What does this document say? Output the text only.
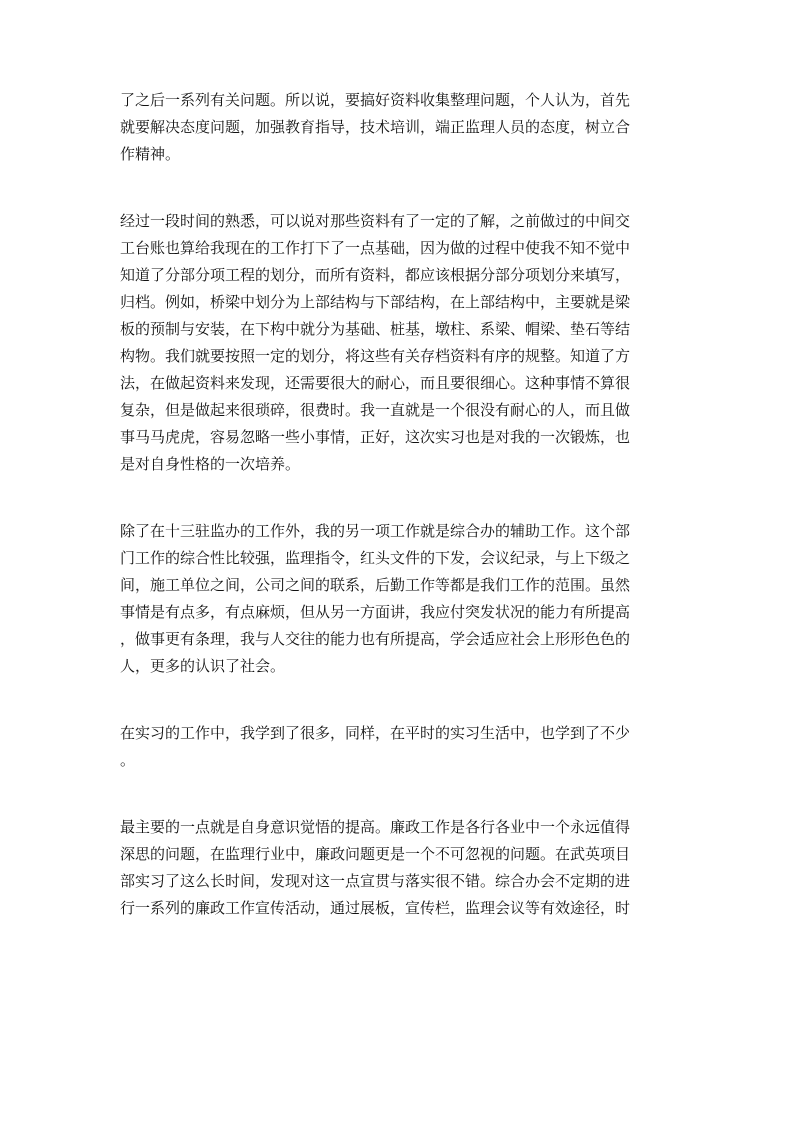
了之后一系列有关问题。所以说，要搞好资料收集整理问题，个人认为，首先
就要解决态度问题，加强教育指导，技术培训，端正监理人员的态度，树立合
作精神。

经过一段时间的熟悉，可以说对那些资料有了一定的了解，之前做过的中间交
工台账也算给我现在的工作打下了一点基础，因为做的过程中使我不知不觉中
知道了分部分项工程的划分，而所有资料，都应该根据分部分项划分来填写，
归档。例如，桥梁中划分为上部结构与下部结构，在上部结构中，主要就是梁
板的预制与安装，在下构中就分为基础、桩基，墩柱、系梁、帽梁、垫石等结
构物。我们就要按照一定的划分，将这些有关存档资料有序的规整。知道了方
法，在做起资料来发现，还需要很大的耐心，而且要很细心。这种事情不算很
复杂，但是做起来很琐碎，很费时。我一直就是一个很没有耐心的人，而且做
事马马虎虎，容易忽略一些小事情，正好，这次实习也是对我的一次锻炼，也
是对自身性格的一次培养。

除了在十三驻监办的工作外，我的另一项工作就是综合办的辅助工作。这个部
门工作的综合性比较强，监理指令，红头文件的下发，会议纪录，与上下级之
间，施工单位之间，公司之间的联系，后勤工作等都是我们工作的范围。虽然
事情是有点多，有点麻烦，但从另一方面讲，我应付突发状况的能力有所提高
，做事更有条理，我与人交往的能力也有所提高，学会适应社会上形形色色的
人，更多的认识了社会。

在实习的工作中，我学到了很多，同样，在平时的实习生活中，也学到了不少
。

最主要的一点就是自身意识觉悟的提高。廉政工作是各行各业中一个永远值得
深思的问题，在监理行业中，廉政问题更是一个不可忽视的问题。在武英项目
部实习了这么长时间，发现对这一点宣贯与落实很不错。综合办会不定期的进
行一系列的廉政工作宣传活动，通过展板，宣传栏，监理会议等有效途径，时
